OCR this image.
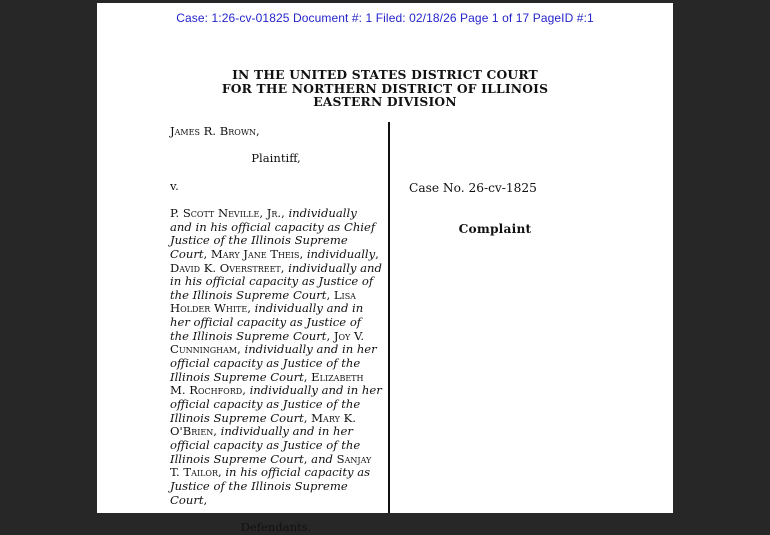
Case: 1:26-cv-01825 Document #: 1 Filed: 02/18/26 Page 1 of 17 PageID #:1
IN THE UNITED STATES DISTRICT COURT
FOR THE NORTHERN DISTRICT OF ILLINOIS
EASTERN DIVISION

James R. Brown,

Plaintiff,

v.

P. Scott Neville, Jr., individually and in his official capacity as Chief Justice of the Illinois Supreme Court, Mary Jane Theis, individually, David K. Overstreet, individually and in his official capacity as Justice of the Illinois Supreme Court, Lisa Holder White, individually and in her official capacity as Justice of the Illinois Supreme Court, Joy V. Cunningham, individually and in her official capacity as Justice of the Illinois Supreme Court, Elizabeth M. Rochford, individually and in her official capacity as Justice of the Illinois Supreme Court, Mary K. O'Brien, individually and in her official capacity as Justice of the Illinois Supreme Court, and Sanjay T. Tailor, in his official capacity as Justice of the Illinois Supreme Court,

Defendants.

Case No. 26-cv-1825
Complaint
